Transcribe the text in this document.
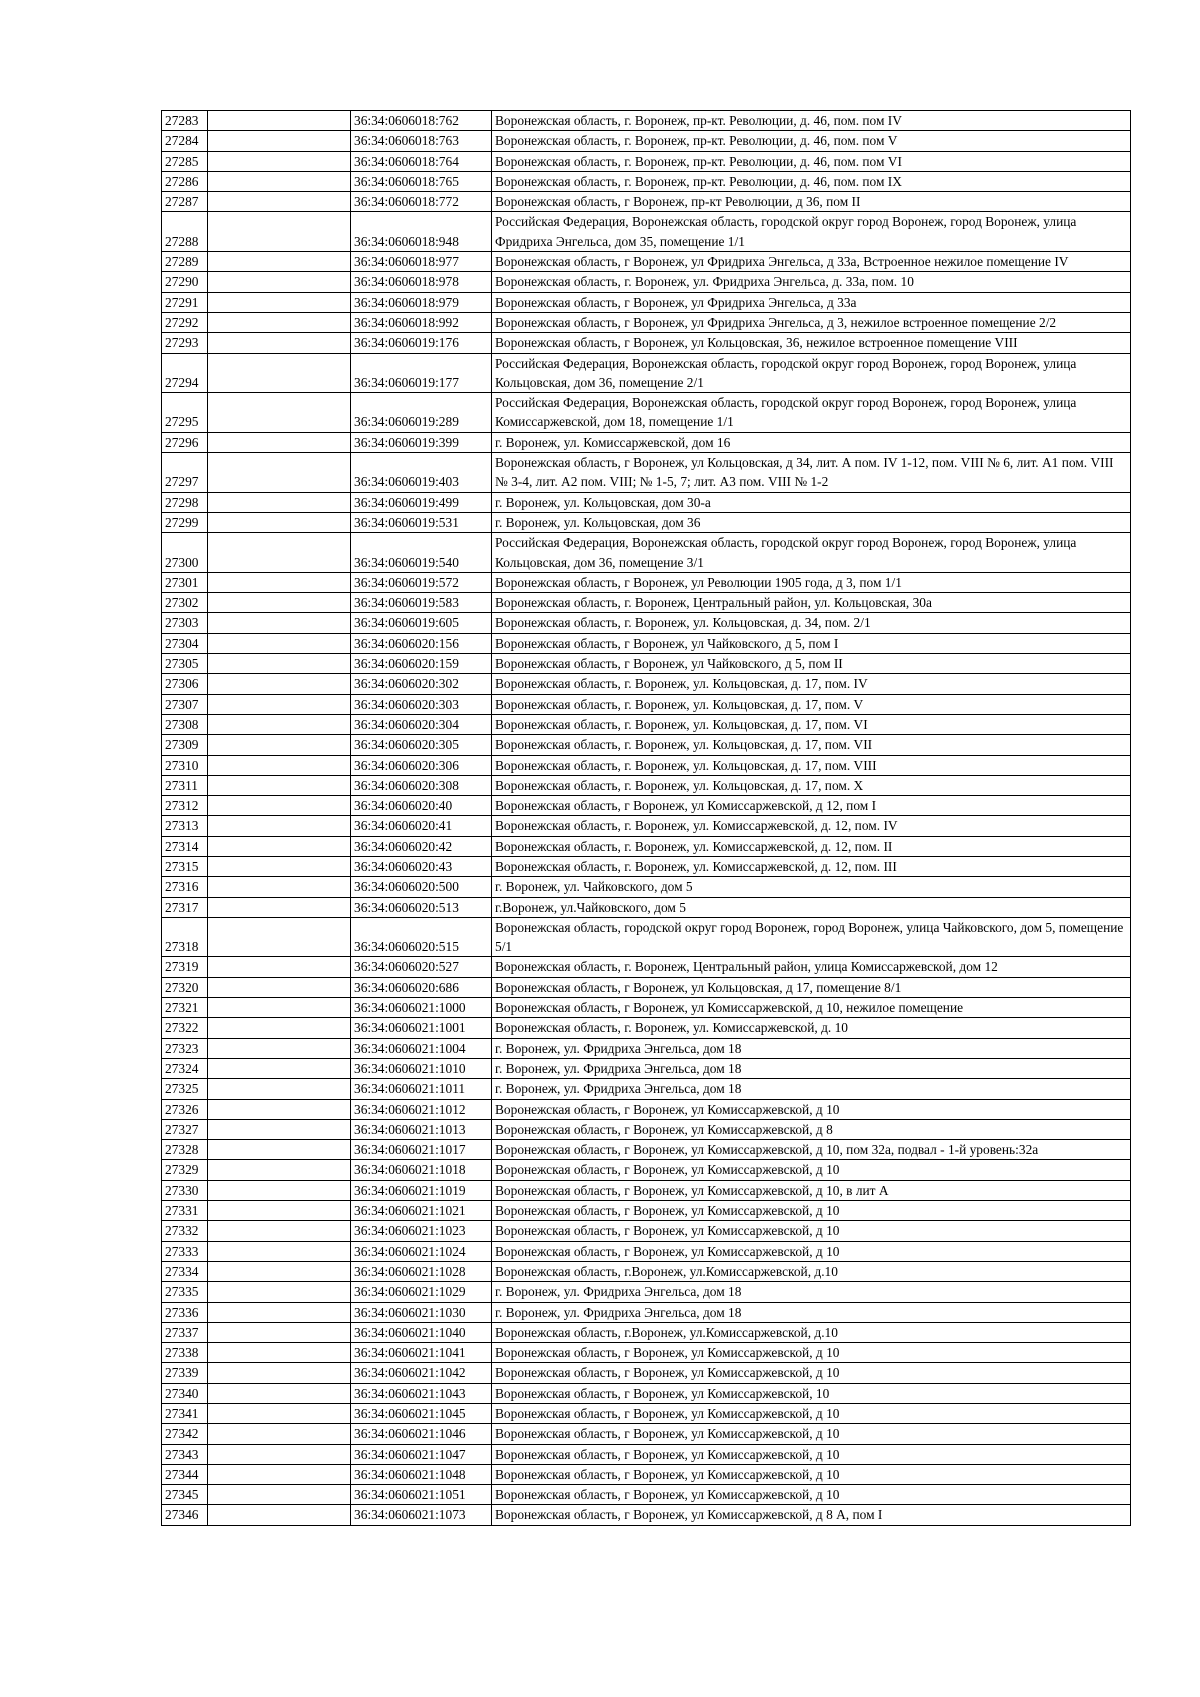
27283		36:34:0606018:762	Воронежская область, г. Воронеж, пр-кт. Революции, д. 46, пом. пом IV
27284		36:34:0606018:763	Воронежская область, г. Воронеж, пр-кт. Революции, д. 46, пом. пом V
27285		36:34:0606018:764	Воронежская область, г. Воронеж, пр-кт. Революции, д. 46, пом. пом VI
27286		36:34:0606018:765	Воронежская область, г. Воронеж, пр-кт. Революции, д. 46, пом. пом IX
27287		36:34:0606018:772	Воронежская область, г Воронеж, пр-кт Революции, д 36, пом II
27288		36:34:0606018:948	Российская Федерация, Воронежская область, городской округ город Воронеж, город Воронеж, улица Фридриха Энгельса, дом 35, помещение 1/1
27289		36:34:0606018:977	Воронежская область, г Воронеж, ул Фридриха Энгельса, д 33а, Встроенное нежилое помещение IV
27290		36:34:0606018:978	Воронежская область, г. Воронеж, ул. Фридриха Энгельса, д. 33а, пом. 10
27291		36:34:0606018:979	Воронежская область, г Воронеж, ул Фридриха Энгельса, д 33а
27292		36:34:0606018:992	Воронежская область, г Воронеж, ул Фридриха Энгельса, д 3, нежилое встроенное помещение 2/2
27293		36:34:0606019:176	Воронежская область, г Воронеж, ул Кольцовская, 36, нежилое встроенное помещение VIII
27294		36:34:0606019:177	Российская Федерация, Воронежская область, городской округ город Воронеж, город Воронеж, улица Кольцовская, дом 36, помещение 2/1
27295		36:34:0606019:289	Российская Федерация, Воронежская область, городской округ город Воронеж, город Воронеж, улица Комиссаржевской, дом 18, помещение 1/1
27296		36:34:0606019:399	г. Воронеж, ул. Комиссаржевской, дом 16
27297		36:34:0606019:403	Воронежская область, г Воронеж, ул Кольцовская, д 34, лит. А пом. IV 1-12, пом. VIII № 6, лит. А1 пом. VIII № 3-4, лит. А2 пом. VIII; № 1-5, 7; лит. А3 пом. VIII № 1-2
27298		36:34:0606019:499	г. Воронеж, ул. Кольцовская, дом 30-а
27299		36:34:0606019:531	г. Воронеж, ул. Кольцовская, дом 36
27300		36:34:0606019:540	Российская Федерация, Воронежская область, городской округ город Воронеж, город Воронеж, улица Кольцовская, дом 36, помещение 3/1
27301		36:34:0606019:572	Воронежская область, г Воронеж, ул Революции 1905 года, д 3, пом 1/1
27302		36:34:0606019:583	Воронежская область, г. Воронеж, Центральный район, ул. Кольцовская, 30а
27303		36:34:0606019:605	Воронежская область, г. Воронеж, ул. Кольцовская, д. 34, пом. 2/1
27304		36:34:0606020:156	Воронежская область, г Воронеж, ул Чайковского, д 5, пом I
27305		36:34:0606020:159	Воронежская область, г Воронеж, ул Чайковского, д 5, пом II
27306		36:34:0606020:302	Воронежская область, г. Воронеж, ул. Кольцовская, д. 17, пом. IV
27307		36:34:0606020:303	Воронежская область, г. Воронеж, ул. Кольцовская, д. 17, пом. V
27308		36:34:0606020:304	Воронежская область, г. Воронеж, ул. Кольцовская, д. 17, пом. VI
27309		36:34:0606020:305	Воронежская область, г. Воронеж, ул. Кольцовская, д. 17, пом. VII
27310		36:34:0606020:306	Воронежская область, г. Воронеж, ул. Кольцовская, д. 17, пом. VIII
27311		36:34:0606020:308	Воронежская область, г. Воронеж, ул. Кольцовская, д. 17, пом. X
27312		36:34:0606020:40	Воронежская область, г Воронеж, ул Комиссаржевской, д 12, пом I
27313		36:34:0606020:41	Воронежская область, г. Воронеж, ул. Комиссаржевской, д. 12, пом. IV
27314		36:34:0606020:42	Воронежская область, г. Воронеж, ул. Комиссаржевской, д. 12, пом. II
27315		36:34:0606020:43	Воронежская область, г. Воронеж, ул. Комиссаржевской, д. 12, пом. III
27316		36:34:0606020:500	г. Воронеж, ул. Чайковского, дом 5
27317		36:34:0606020:513	г.Воронеж, ул.Чайковского, дом 5
27318		36:34:0606020:515	Воронежская область, городской округ город Воронеж, город Воронеж, улица Чайковского, дом 5, помещение 5/1
27319		36:34:0606020:527	Воронежская область, г. Воронеж, Центральный район, улица Комиссаржевской, дом 12
27320		36:34:0606020:686	Воронежская область, г Воронеж, ул Кольцовская, д 17, помещение 8/1
27321		36:34:0606021:1000	Воронежская область, г Воронеж, ул Комиссаржевской, д 10, нежилое помещение
27322		36:34:0606021:1001	Воронежская область, г. Воронеж, ул. Комиссаржевской, д. 10
27323		36:34:0606021:1004	г. Воронеж, ул. Фридриха Энгельса, дом 18
27324		36:34:0606021:1010	г. Воронеж, ул. Фридриха Энгельса, дом 18
27325		36:34:0606021:1011	г. Воронеж, ул. Фридриха Энгельса, дом 18
27326		36:34:0606021:1012	Воронежская область, г Воронеж, ул Комиссаржевской, д 10
27327		36:34:0606021:1013	Воронежская область, г Воронеж, ул Комиссаржевской, д 8
27328		36:34:0606021:1017	Воронежская область, г Воронеж, ул Комиссаржевской, д 10, пом 32а, подвал - 1-й уровень:32а
27329		36:34:0606021:1018	Воронежская область, г Воронеж, ул Комиссаржевской, д 10
27330		36:34:0606021:1019	Воронежская область, г Воронеж, ул Комиссаржевской, д 10, в лит А
27331		36:34:0606021:1021	Воронежская область, г Воронеж, ул Комиссаржевской, д 10
27332		36:34:0606021:1023	Воронежская область, г Воронеж, ул Комиссаржевской, д 10
27333		36:34:0606021:1024	Воронежская область, г Воронеж, ул Комиссаржевской, д 10
27334		36:34:0606021:1028	Воронежская область, г.Воронеж, ул.Комиссаржевской, д.10
27335		36:34:0606021:1029	г. Воронеж, ул. Фридриха Энгельса, дом 18
27336		36:34:0606021:1030	г. Воронеж, ул. Фридриха Энгельса, дом 18
27337		36:34:0606021:1040	Воронежская область, г.Воронеж, ул.Комиссаржевской, д.10
27338		36:34:0606021:1041	Воронежская область, г Воронеж, ул Комиссаржевской, д 10
27339		36:34:0606021:1042	Воронежская область, г Воронеж, ул Комиссаржевской, д 10
27340		36:34:0606021:1043	Воронежская область, г Воронеж, ул Комиссаржевской, 10
27341		36:34:0606021:1045	Воронежская область, г Воронеж, ул Комиссаржевской, д 10
27342		36:34:0606021:1046	Воронежская область, г Воронеж, ул Комиссаржевской, д 10
27343		36:34:0606021:1047	Воронежская область, г Воронеж, ул Комиссаржевской, д 10
27344		36:34:0606021:1048	Воронежская область, г Воронеж, ул Комиссаржевской, д 10
27345		36:34:0606021:1051	Воронежская область, г Воронеж, ул Комиссаржевской, д 10
27346		36:34:0606021:1073	Воронежская область, г Воронеж, ул Комиссаржевской, д 8 А, пом I
